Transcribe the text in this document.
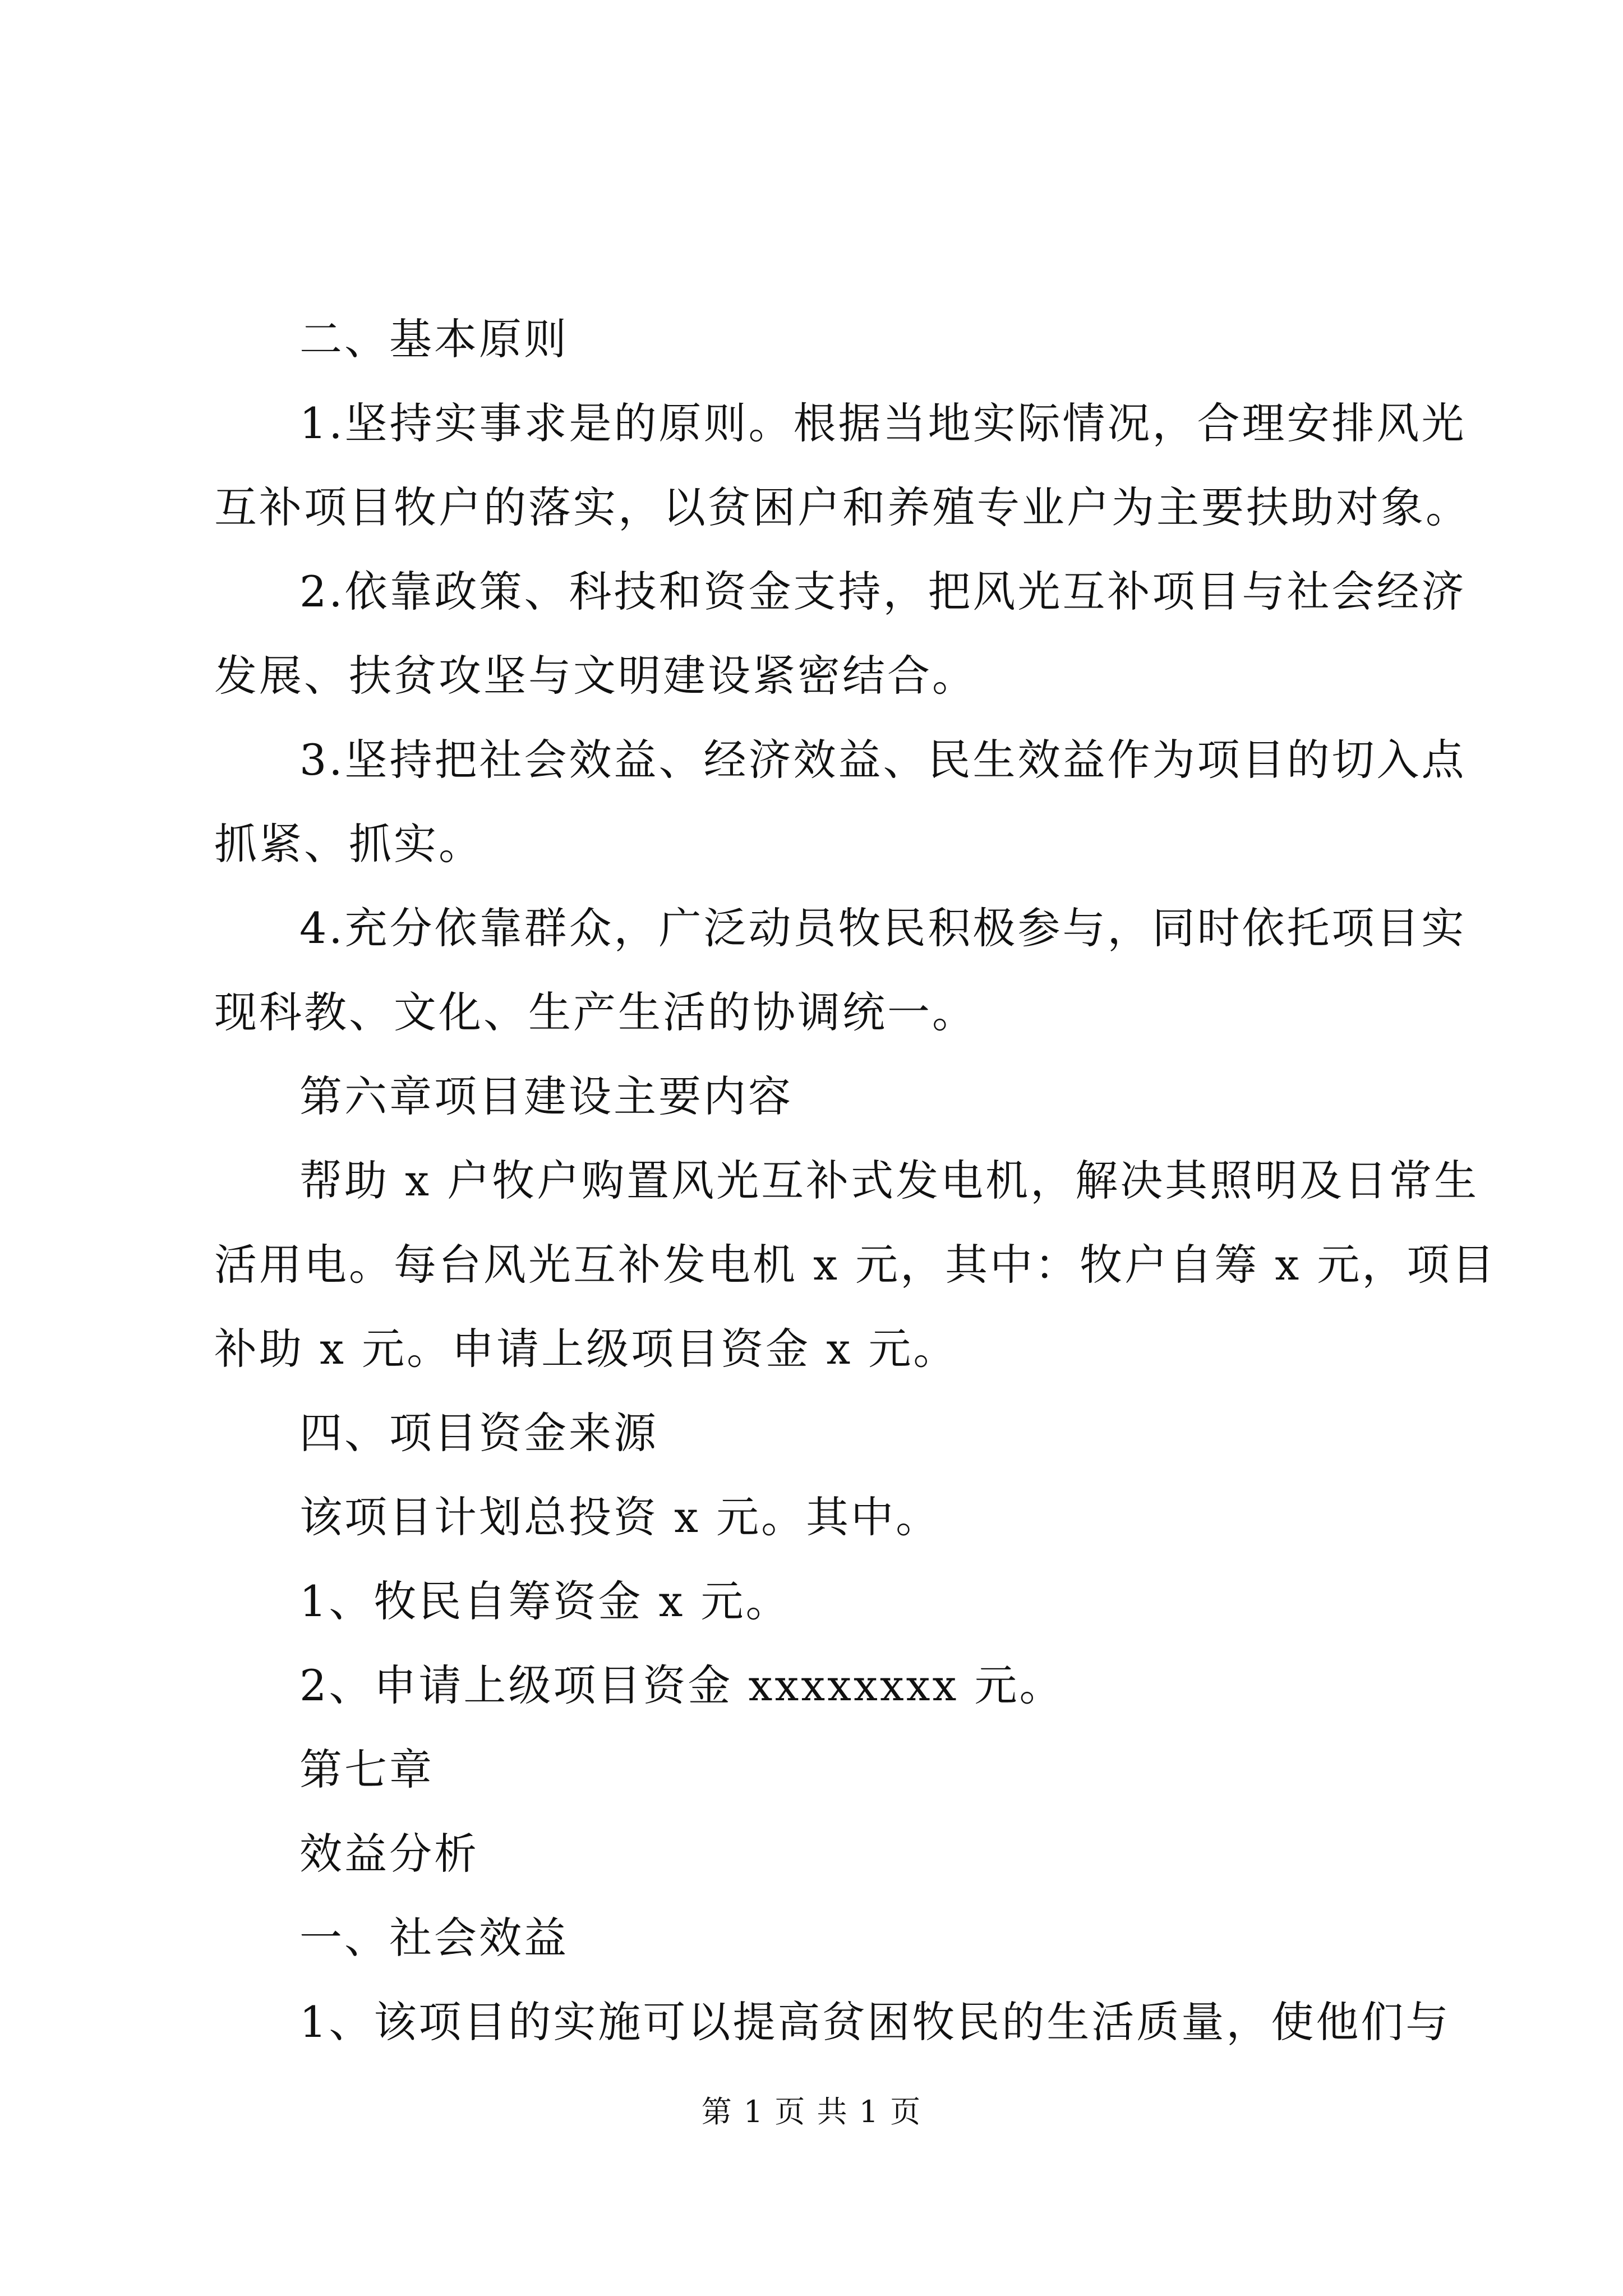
二、基本原则

1.坚持实事求是的原则。根据当地实际情况，合理安排风光

互补项目牧户的落实，以贫困户和养殖专业户为主要扶助对象。

2.依靠政策、科技和资金支持，把风光互补项目与社会经济

发展、扶贫攻坚与文明建设紧密结合。

3.坚持把社会效益、经济效益、民生效益作为项目的切入点

抓紧、抓实。

4.充分依靠群众，广泛动员牧民积极参与，同时依托项目实

现科教、文化、生产生活的协调统一。

第六章项目建设主要内容

帮助 x 户牧户购置风光互补式发电机，解决其照明及日常生

活用电。每台风光互补发电机 x 元，其中：牧户自筹 x 元，项目

补助 x 元。申请上级项目资金 x 元。

四、项目资金来源

该项目计划总投资 x 元。其中。

1、牧民自筹资金 x 元。

2、申请上级项目资金 xxxxxxxx 元。

第七章

效益分析

一、社会效益

1、该项目的实施可以提高贫困牧民的生活质量，使他们与

第 1 页 共 1 页
